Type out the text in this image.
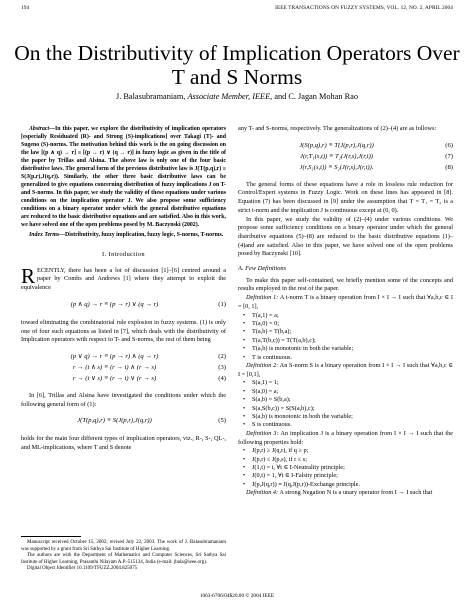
194	IEEE TRANSACTIONS ON FUZZY SYSTEMS, VOL. 12, NO. 2, APRIL 2004
On the Distributivity of Implication Operators Over
T and S Norms
J. Balasubramaniam, Associate Member, IEEE, and C. Jagan Mohan Rao

Abstract—In this paper, we explore the distributivity of implication operators [especially Residuated (R)- and Strong (S)-implications] over Takagi (T)- and Sugeno (S)-norms. The motivation behind this work is the on going discussion on the law [(p ∧ q) → r] ≡ [(p → r) ∨ (q → r)] in fuzzy logic as given in the title of the paper by Trillas and Alsina. The above law is only one of the four basic distributive laws. The general form of the previous distributive law is J(T(p,q),r) ≡ S(J(p,r),J(q,r)). Similarly, the other three basic distributive laws can be generalized to give equations concerning distribution of fuzzy implications J on T- and S-norms. In this paper, we study the validity of these equations under various conditions on the implication operator J. We also propose some sufficiency conditions on a binary operator under which the general distributive equations are reduced to the basic distributive equations and are satisfied. Also in this work, we have solved one of the open problems posed by M. Baczynski (2002).

Index Terms—Distributivity, fuzzy implication, fuzzy logic, S-norms, T-norms.

I. Introduction

RECENTLY, there has been a lot of discussion [1]–[6] centred around a paper by Combs and Andrews [1] where they attempt to exploit the equivalence

(p ∧ q) → r ≡ (p → r) ∨ (q → r)	(1)

toward eliminating the combinatorial rule explosion in fuzzy systems. (1) is only one of four such equations as listed in [7], which deals with the distributivity of Implication operators with respect to T- and S-norms, the rest of them being

(p ∨ q) → r ≡ (p → r) ∧ (q → r)	(2)
r → (t ∧ s) ≡ (r → t) ∧ (r → s)	(3)
r → (t ∨ s) ≡ (r → t) ∨ (r → s)	(4)

In [6], Trillas and Alsina have investigated the conditions under which the following general form of (1):

J(T(p,q),r) ≡ S(J(p,r),J(q,r))	(5)

holds for the main four different types of implication operators, viz., R-, S-, QL-, and ML-implications, where T and S denote

Manuscript received October 15, 2002; revised July 22, 2003. The work of J. Balasubramaniam was supported by a grant from Sri Sathya Sai Institute of Higher Learning.

The authors are with the Department of Mathematics and Computer Sciences, Sri Sathya Sai Institute of Higher Learning, Prasanthi Nilayam A.P.-515134, India (e-mail: jbala@ieee.org).

Digital Object Identifier 10.1109/TFUZZ.2004.825075

any T- and S-norms, respectively. The generalizations of (2)–(4) are as follows:

J(S(p,q),r) ≡ T(J(p,r),J(q,r))	(6)
J(r,T₁(s,t)) ≡ T₂(J(r,s),J(r,t))	(7)
J(r,S₁(s,t)) ≡ S₂(J(r,s),J(r,t)).	(8)

The general forms of these equations have a role in lossless rule reduction for Control/Expert systems in Fuzzy Logic. Work on these lines has appeared in [8]. Equation (7) has been discussed in [9] under the assumption that T = T₁ = T₂ is a strict t-norm and the implication J is continuous except at (0, 0).

In this paper, we study the validity of (2)–(4) under various conditions. We propose some sufficiency conditions on a binary operator under which the general distributive equations (5)–(8) are reduced to the basic distributive equations (1)–(4)and are satisfied. Also in this paper, we have solved one of the open problems posed by Baczynski [10].

A. Few Definitions

To make this paper self-contained, we briefly mention some of the concepts and results employed in the rest of the paper.

Definition 1: A t-norm T is a binary operation from I × I → I such that ∀a,b,c ∈ I = [0, 1],

• T(a,1) = a;
• T(a,0) = 0;
• T(a,b) = T(b,a);
• T(a,T(b,c)) = T(T(a,b),c);
• T(a,b) is monotonic in both the variable;
• T is continuous.

Definition 2: An S-norm S is a binary operation from I × I → I such that ∀a,b,c ∈ I = [0,1],

• S(a,1) = 1;
• S(a,0) = a;
• S(a,b) = S(b,a);
• S(a,S(b,c)) = S(S(a,b),c);
• S(a,b) is monotonic in both the variable;
• S is continuous.

Definition 3: An implication J is a binary operation from I × I → I such that the following properties hold:

• J(p,r) ≥ J(q,r), if q ≥ p;
• J(p,r) ≤ J(p,s), if r ≤ s;
• J(1,t) = t, ∀t ∈ I-Neutrality principle;
• J(0,t) = 1, ∀t ∈ I-Falsity principle;
• J(p,J(q,r)) ≡ J(q,J(p,r))-Exchange principle.

Definition 4: A strong Negation N is a unary operator from I → I such that

1063-6706/04$20.00 © 2004 IEEE
